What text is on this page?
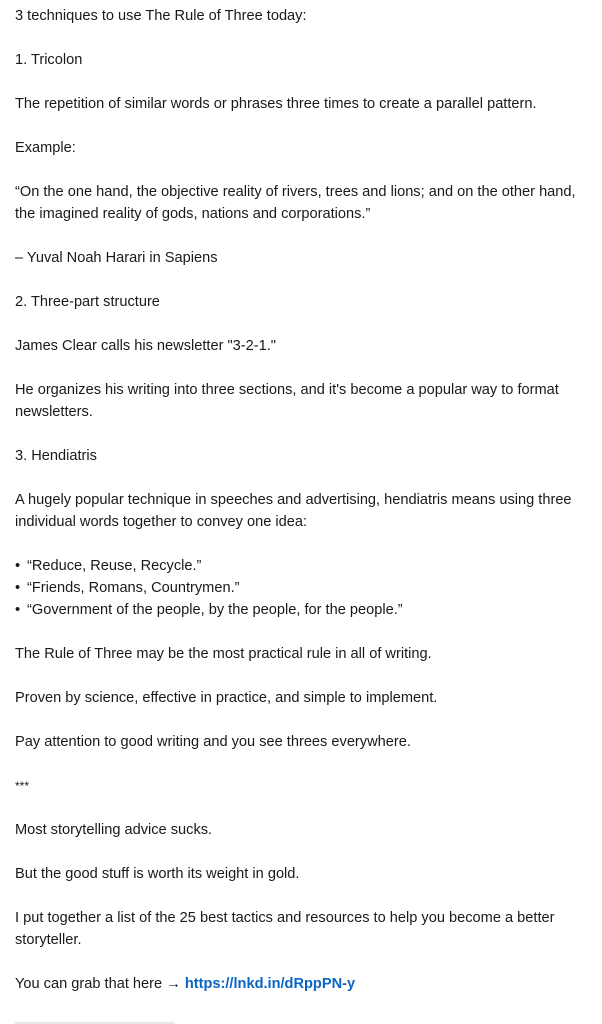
3 techniques to use The Rule of Three today:

1. Tricolon

The repetition of similar words or phrases three times to create a parallel pattern.

Example:

“On the one hand, the objective reality of rivers, trees and lions; and on the other hand, the imagined reality of gods, nations and corporations.”

– Yuval Noah Harari in Sapiens

2. Three-part structure

James Clear calls his newsletter "3-2-1."

He organizes his writing into three sections, and it's become a popular way to format newsletters.

3. Hendiatris

A hugely popular technique in speeches and advertising, hendiatris means using three individual words together to convey one idea:

• “Reduce, Reuse, Recycle.”
• “Friends, Romans, Countrymen.”
• “Government of the people, by the people, for the people.”

The Rule of Three may be the most practical rule in all of writing.

Proven by science, effective in practice, and simple to implement.

Pay attention to good writing and you see threes everywhere.

***

Most storytelling advice sucks.

But the good stuff is worth its weight in gold.

I put together a list of the 25 best tactics and resources to help you become a better storyteller.

You can grab that here → https://lnkd.in/dRppPN-y
